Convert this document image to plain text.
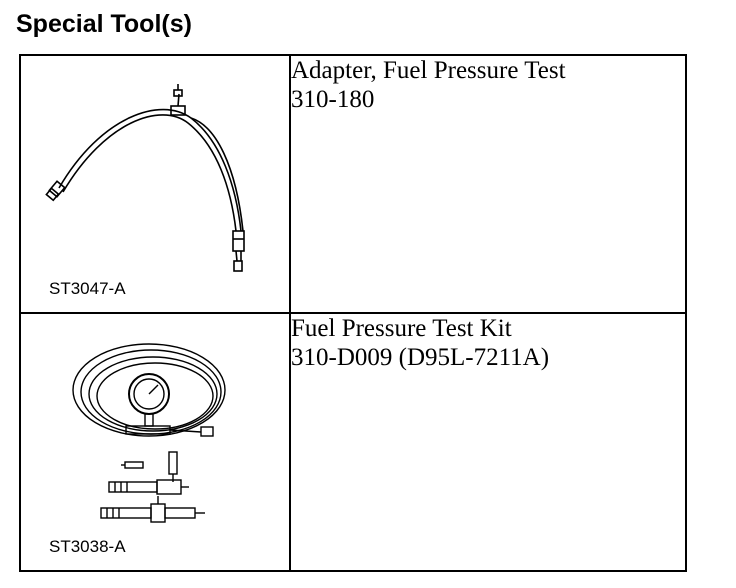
Special Tool(s)
ST3047-A	Adapter, Fuel Pressure Test
310-180

ST3038-A	Fuel Pressure Test Kit
310-D009 (D95L-7211A)
